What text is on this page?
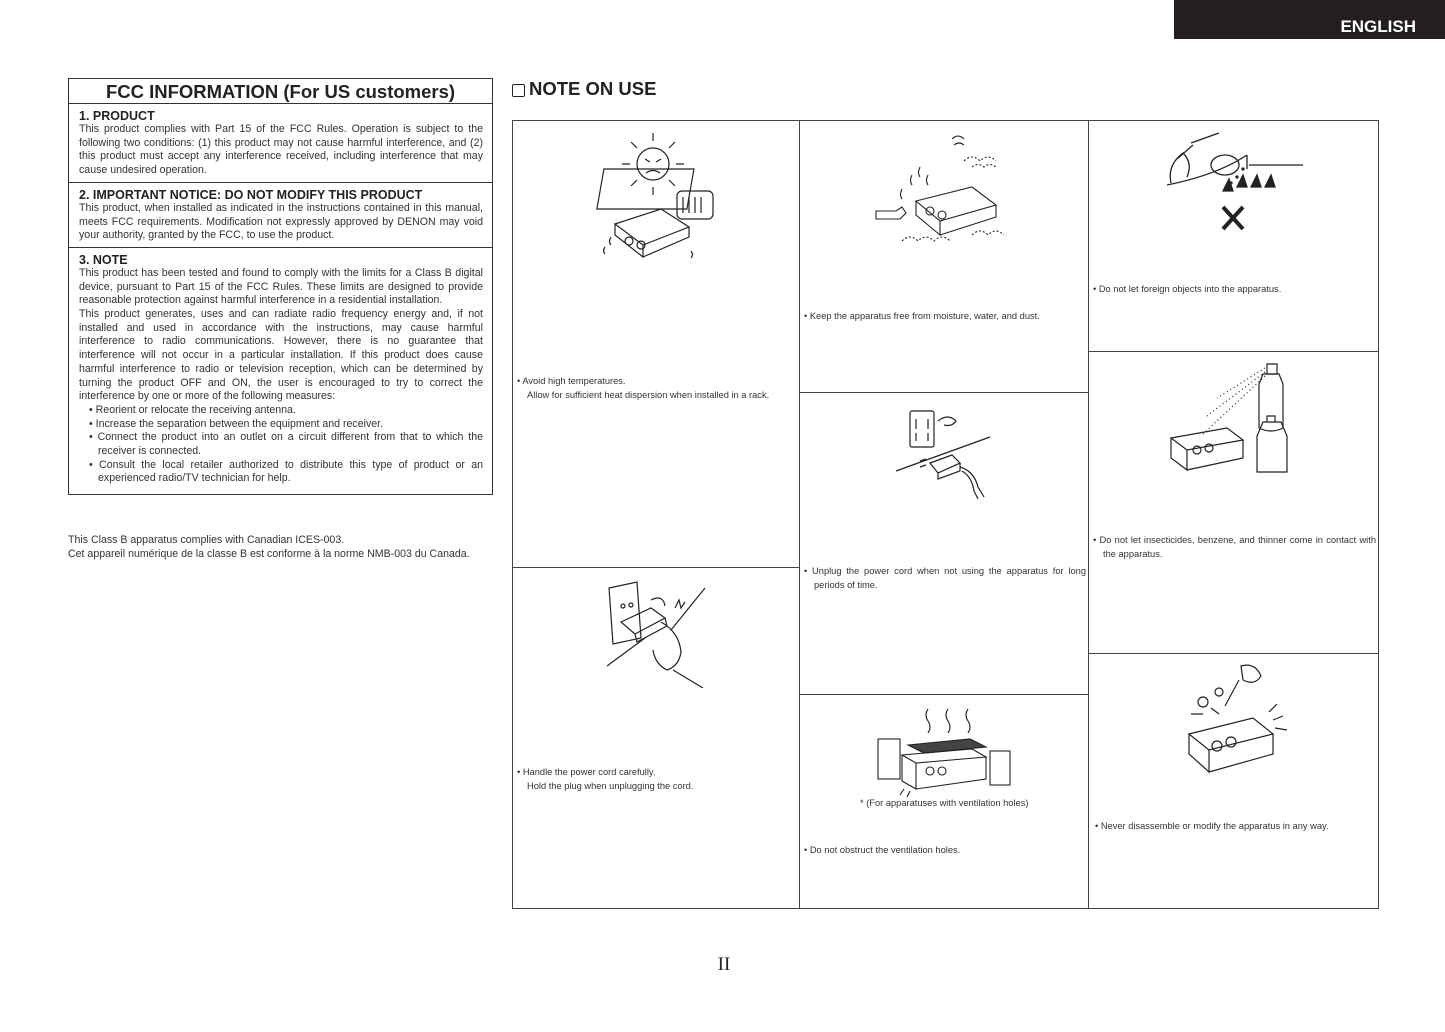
ENGLISH
FCC INFORMATION (For US customers)
1. PRODUCT

This product complies with Part 15 of the FCC Rules. Operation is subject to the following two conditions: (1) this product may not cause harmful interference, and (2) this product must accept any interference received, including interference that may cause undesired operation.

2. IMPORTANT NOTICE: DO NOT MODIFY THIS PRODUCT

This product, when installed as indicated in the instructions contained in this manual, meets FCC requirements. Modification not expressly approved by DENON may void your authority, granted by the FCC, to use the product.

3. NOTE

This product has been tested and found to comply with the limits for a Class B digital device, pursuant to Part 15 of the FCC Rules. These limits are designed to provide reasonable protection against harmful interference in a residential installation.

This product generates, uses and can radiate radio frequency energy and, if not installed and used in accordance with the instructions, may cause harmful interference to radio communications. However, there is no guarantee that interference will not occur in a particular installation. If this product does cause harmful interference to radio or television reception, which can be determined by turning the product OFF and ON, the user is encouraged to try to correct the interference by one or more of the following measures:

• Reorient or relocate the receiving antenna.
• Increase the separation between the equipment and receiver.
• Connect the product into an outlet on a circuit different from that to which the receiver is connected.
• Consult the local retailer authorized to distribute this type of product or an experienced radio/TV technician for help.

This Class B apparatus complies with Canadian ICES-003.

Cet appareil numérique de la classe B est conforme à la norme NMB-003 du Canada.

NOTE ON USE
• Avoid high temperatures.
Allow for sufficient heat dispersion when installed in a rack.
• Handle the power cord carefully.
Hold the plug when unplugging the cord.
• Keep the apparatus free from moisture, water, and dust.
• Unplug the power cord when not using the apparatus for long periods of time.
* (For apparatuses with ventilation holes)
• Do not obstruct the ventilation holes.
• Do not let foreign objects into the apparatus.
• Do not let insecticides, benzene, and thinner come in contact with the apparatus.
• Never disassemble or modify the apparatus in any way.
II
